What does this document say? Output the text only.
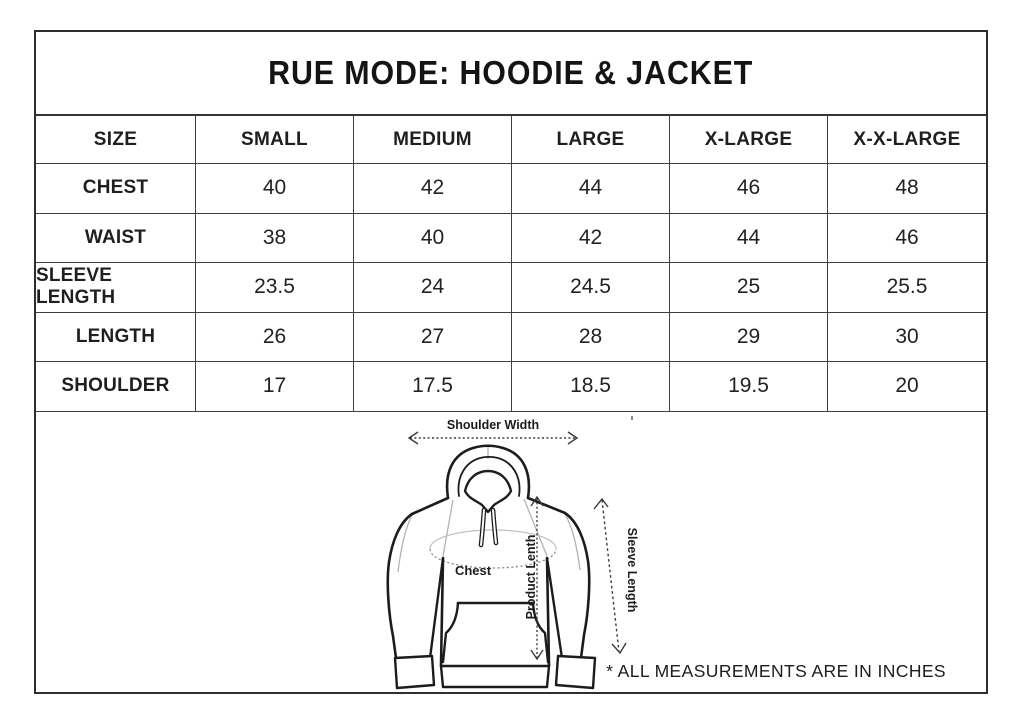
RUE MODE: HOODIE & JACKET
SIZE	SMALL	MEDIUM	LARGE	X-LARGE	X-X-LARGE
CHEST	40	42	44	46	48
WAIST	38	40	42	44	46
SLEEVE LENGTH	23.5	24	24.5	25	25.5
LENGTH	26	27	28	29	30
SHOULDER	17	17.5	18.5	19.5	20
Shoulder Width
Product Lenth	Sleeve Length
Chest
* ALL MEASUREMENTS ARE IN INCHES
